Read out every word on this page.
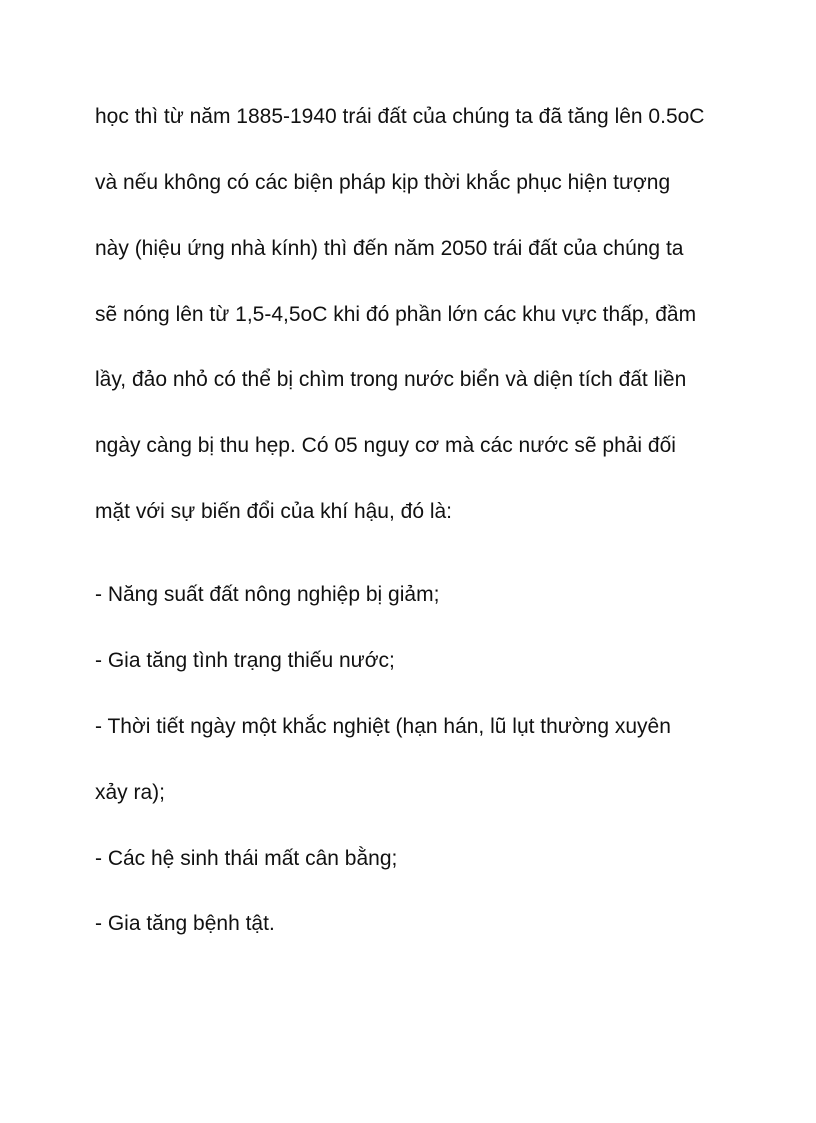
học thì từ năm 1885-1940 trái đất của chúng ta đã tăng lên 0.5oC

và nếu không có các biện pháp kịp thời khắc phục hiện tượng

này (hiệu ứng nhà kính) thì đến năm 2050 trái đất của chúng ta

sẽ nóng lên từ 1,5-4,5oC khi đó phần lớn các khu vực thấp, đầm

lầy, đảo nhỏ có thể bị chìm trong nước biển và diện tích đất liền

ngày càng bị thu hẹp. Có 05 nguy cơ mà các nước sẽ phải đối

mặt với sự biến đổi của khí hậu, đó là:

- Năng suất đất nông nghiệp bị giảm;

- Gia tăng tình trạng thiếu nước;

- Thời tiết ngày một khắc nghiệt (hạn hán, lũ lụt thường xuyên

xảy ra);

- Các hệ sinh thái mất cân bằng;

- Gia tăng bệnh tật.
